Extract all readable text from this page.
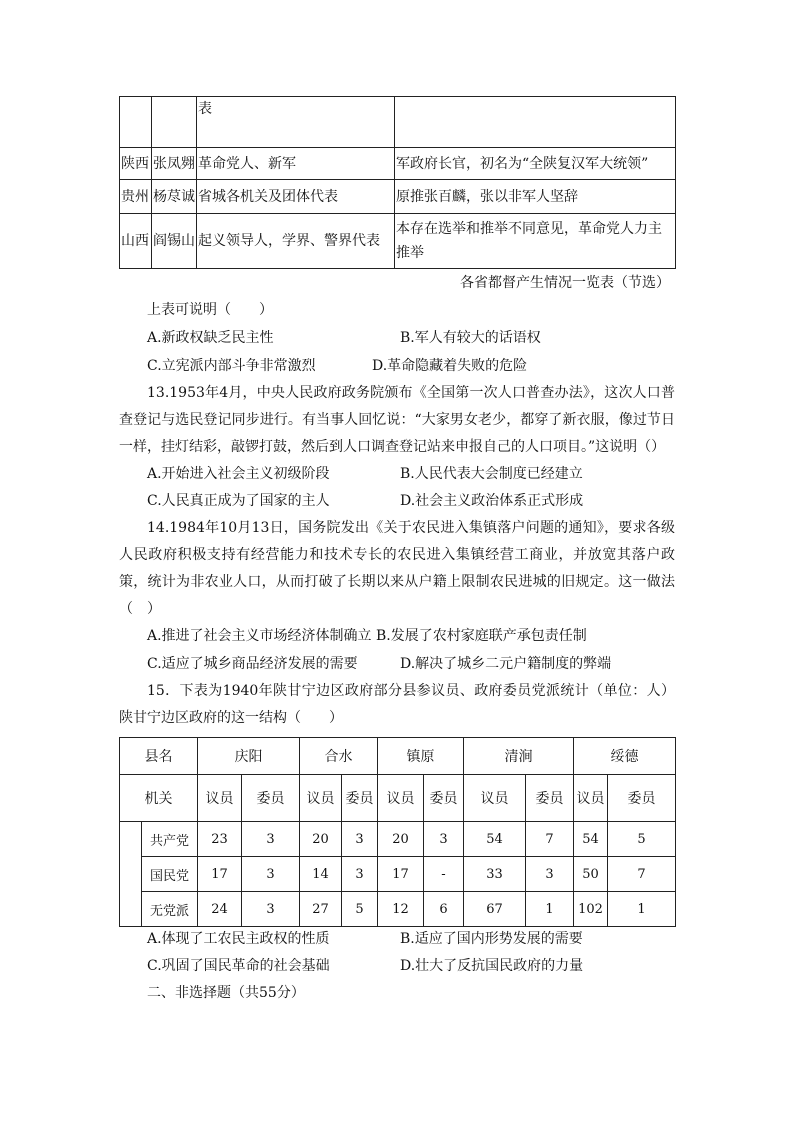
		表	
陕西	张凤翙	革命党人、新军	军政府长官，初名为“全陕复汉军大统领”
贵州	杨荩诚	省城各机关及团体代表	原推张百麟，张以非军人坚辞
山西	阎锡山	起义领导人，学界、警界代表	本存在选举和推举不同意见，革命党人力主推举
各省都督产生情况一览表（节选）
上表可说明（　　）
A.新政权缺乏民主性	B.军人有较大的话语权
C.立宪派内部斗争非常激烈	D.革命隐藏着失败的危险
13.1953年4月，中央人民政府政务院颁布《全国第一次人口普查办法》，这次人口普查登记与选民登记同步进行。有当事人回忆说：“大家男女老少，都穿了新衣服，像过节日一样，挂灯结彩，敲锣打鼓，然后到人口调查登记站来申报自己的人口项目。”这说明（）
A.开始进入社会主义初级阶段	B.人民代表大会制度已经建立
C.人民真正成为了国家的主人	D.社会主义政治体系正式形成
14.1984年10月13日，国务院发出《关于农民进入集镇落户问题的通知》，要求各级人民政府积极支持有经营能力和技术专长的农民进入集镇经营工商业，并放宽其落户政策，统计为非农业人口，从而打破了长期以来从户籍上限制农民进城的旧规定。这一做法（　）
A.推进了社会主义市场经济体制确立 B.发展了农村家庭联产承包责任制
C.适应了城乡商品经济发展的需要	D.解决了城乡二元户籍制度的弊端
15．下表为1940年陕甘宁边区政府部分县参议员、政府委员党派统计（单位：人）陕甘宁边区政府的这一结构（　　）
县名		庆阳		合水		镇原		清涧		绥德	
机关		议员	委员	议员	委员	议员	委员	议员	委员	议员	委员
	共产党	23	3	20	3	20	3	54	7	54	5
	国民党	17	3	14	3	17	-	33	3	50	7
	无党派	24	3	27	5	12	6	67	1	102	1
A.体现了工农民主政权的性质	B.适应了国内形势发展的需要
C.巩固了国民革命的社会基础	D.壮大了反抗国民政府的力量
二、非选择题（共55分）
